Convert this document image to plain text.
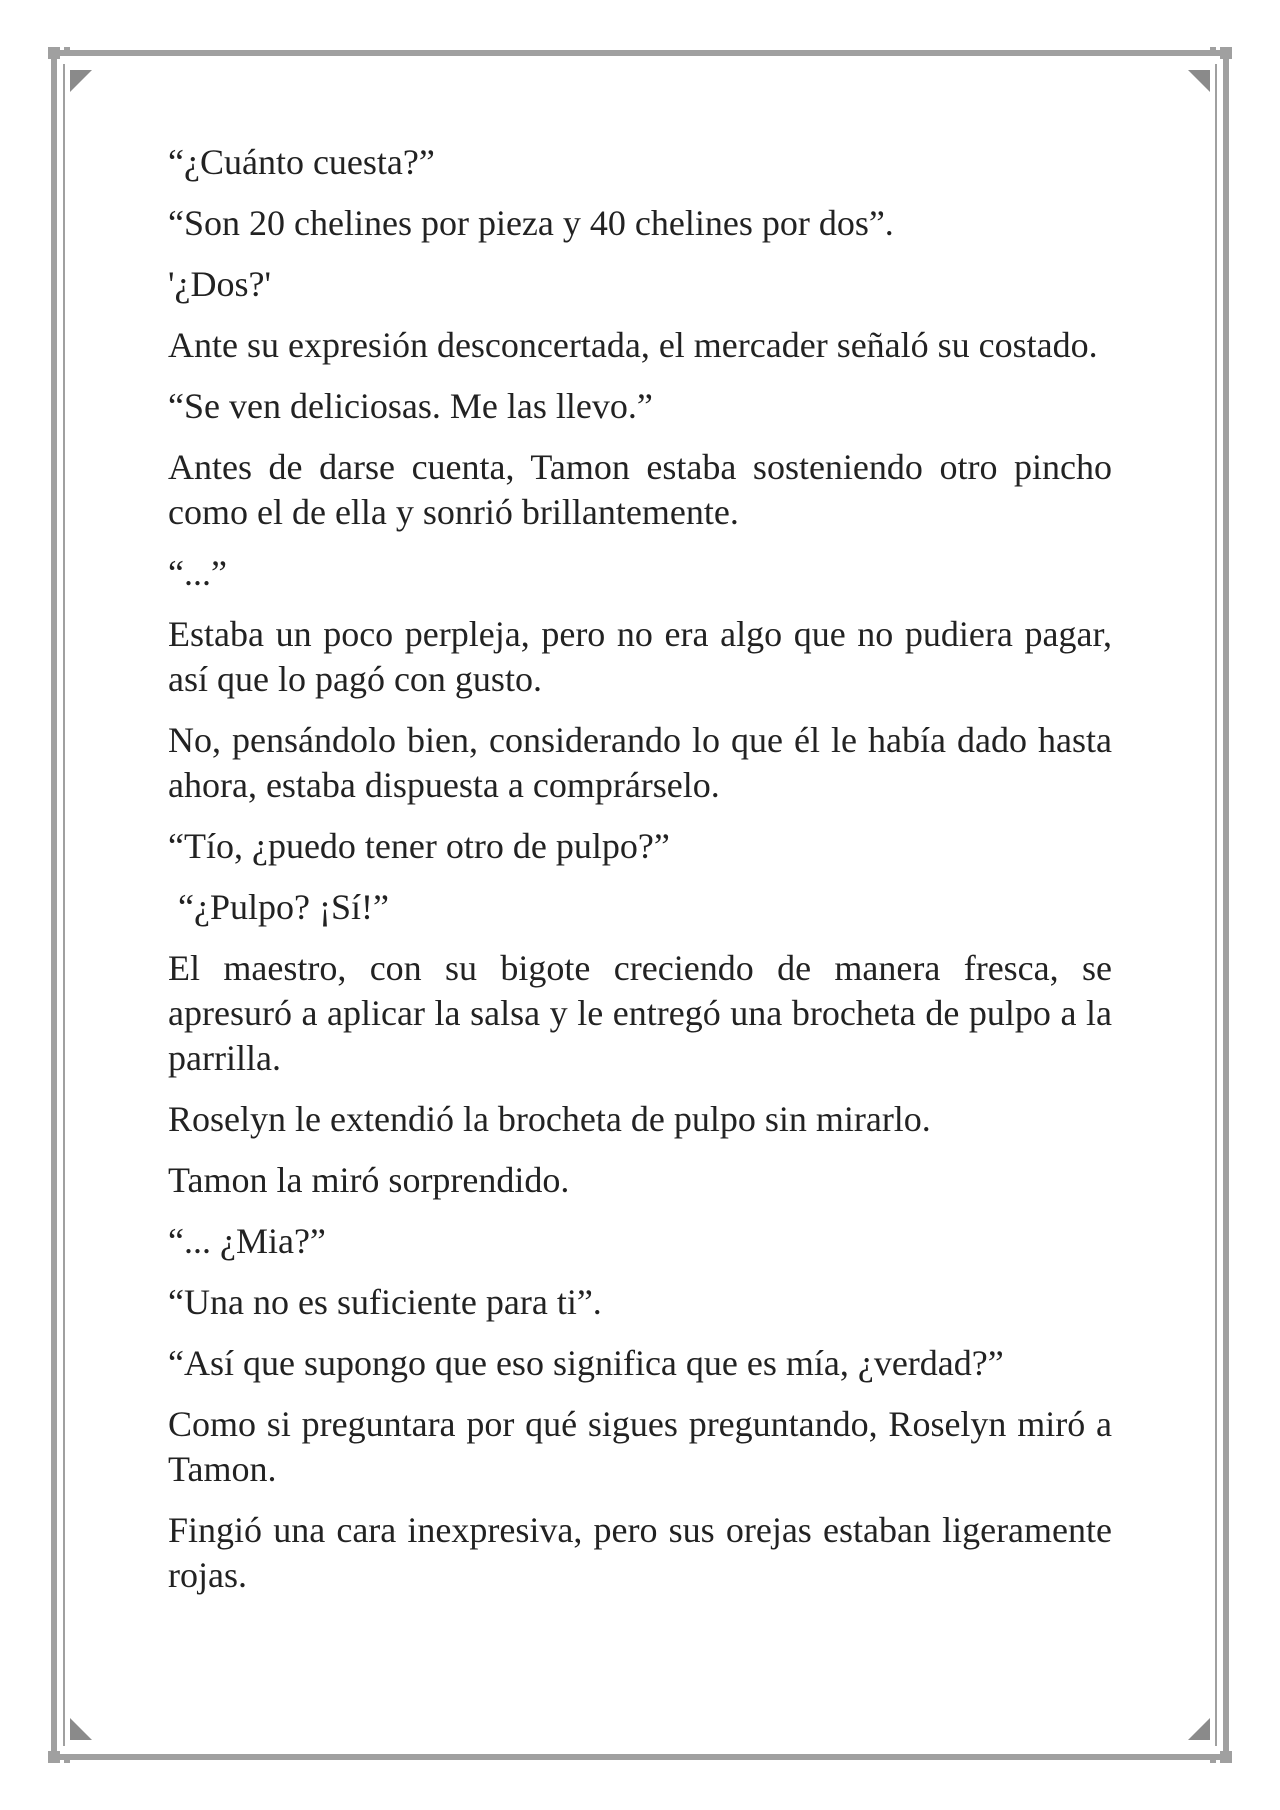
“¿Cuánto cuesta?”

“Son 20 chelines por pieza y 40 chelines por dos”.

'¿Dos?'

Ante su expresión desconcertada, el mercader señaló su costado.

“Se ven deliciosas. Me las llevo.”

Antes de darse cuenta, Tamon estaba sosteniendo otro pincho como el de ella y sonrió brillantemente.

“...”

Estaba un poco perpleja, pero no era algo que no pudiera pagar, así que lo pagó con gusto.

No, pensándolo bien, considerando lo que él le había dado hasta ahora, estaba dispuesta a comprárselo.

“Tío, ¿puedo tener otro de pulpo?”

“¿Pulpo? ¡Sí!”

El maestro, con su bigote creciendo de manera fresca, se apresuró a aplicar la salsa y le entregó una brocheta de pulpo a la parrilla.

Roselyn le extendió la brocheta de pulpo sin mirarlo.

Tamon la miró sorprendido.

“... ¿Mia?”

“Una no es suficiente para ti”.

“Así que supongo que eso significa que es mía, ¿verdad?”

Como si preguntara por qué sigues preguntando, Roselyn miró a Tamon.

Fingió una cara inexpresiva, pero sus orejas estaban ligeramente rojas.
